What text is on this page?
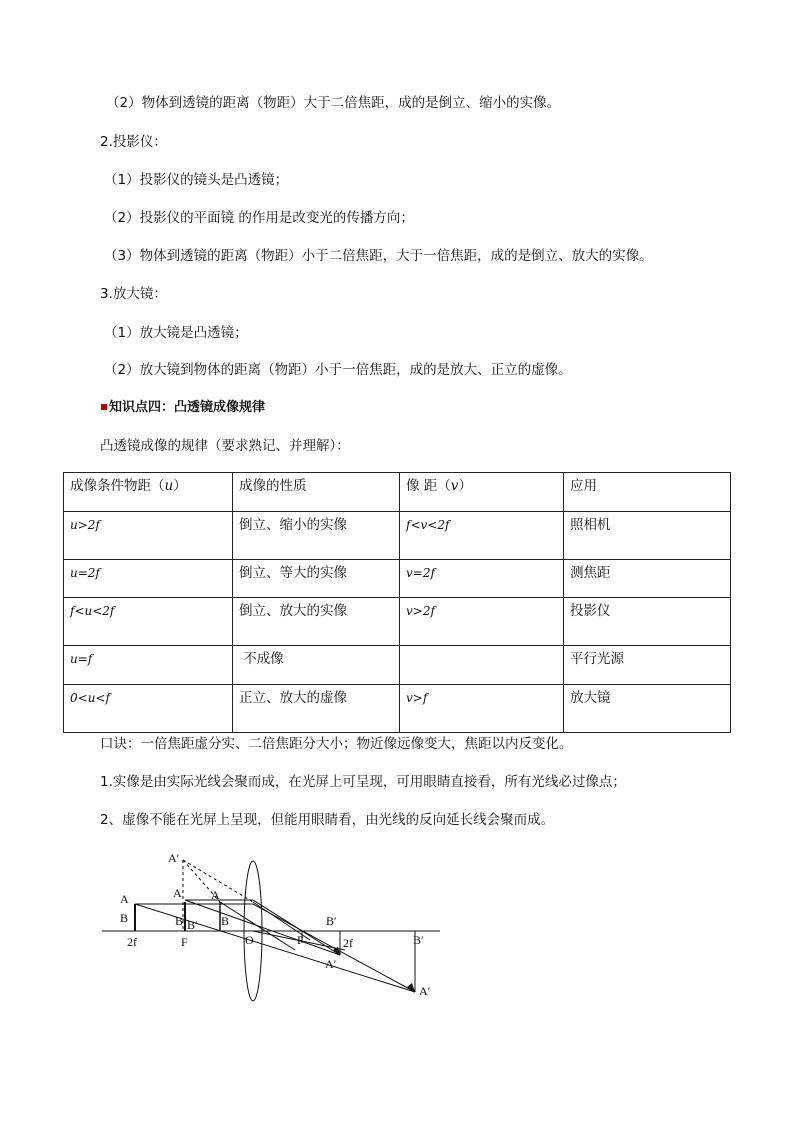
（2）物体到透镜的距离（物距）大于二倍焦距，成的是倒立、缩小的实像。
2.投影仪：
（1）投影仪的镜头是凸透镜；
（2）投影仪的平面镜 的作用是改变光的传播方向；
（3）物体到透镜的距离（物距）小于二倍焦距，大于一倍焦距，成的是倒立、放大的实像。
3.放大镜：
（1）放大镜是凸透镜；
（2）放大镜到物体的距离（物距）小于一倍焦距，成的是放大、正立的虚像。
知识点四：凸透镜成像规律
凸透镜成像的规律（要求熟记、并理解）：
成像条件物距（u）	成像的性质	像 距（v）	应用
u>2f	倒立、缩小的实像	f<v<2f	照相机
u=2f	倒立、等大的实像	v=2f	测焦距
f<u<2f	倒立、放大的实像	v>2f	投影仪
u=f	不成像		平行光源
0<u<f	正立、放大的虚像	v>f	放大镜
口诀：一倍焦距虚分实、二倍焦距分大小；物近像远像变大，焦距以内反变化。
1.实像是由实际光线会聚而成，在光屏上可呈现，可用眼睛直接看，所有光线必过像点；
2、虚像不能在光屏上呈现，但能用眼睛看，由光线的反向延长线会聚而成。
A′
A
B
2f
A
B B′
F
A
B
O	F	2f
B′
A′
B′
A′
